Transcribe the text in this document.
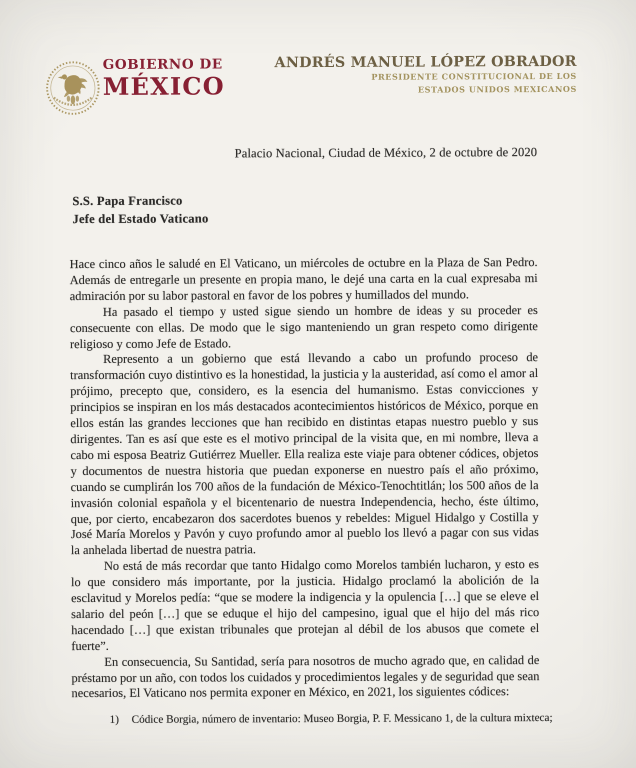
GOBIERNO DE
MÉXICO
ANDRÉS MANUEL LÓPEZ OBRADOR
PRESIDENTE CONSTITUCIONAL DE LOS
ESTADOS UNIDOS MEXICANOS
Palacio Nacional, Ciudad de México, 2 de octubre de 2020
S.S. Papa Francisco
Jefe del Estado Vaticano

Hace cinco años le saludé en El Vaticano, un miércoles de octubre en la Plaza de San Pedro. Además de entregarle un presente en propia mano, le dejé una carta en la cual expresaba mi admiración por su labor pastoral en favor de los pobres y humillados del mundo.

Ha pasado el tiempo y usted sigue siendo un hombre de ideas y su proceder es consecuente con ellas. De modo que le sigo manteniendo un gran respeto como dirigente religioso y como Jefe de Estado.

Represento a un gobierno que está llevando a cabo un profundo proceso de transformación cuyo distintivo es la honestidad, la justicia y la austeridad, así como el amor al prójimo, precepto que, considero, es la esencia del humanismo. Estas convicciones y principios se inspiran en los más destacados acontecimientos históricos de México, porque en ellos están las grandes lecciones que han recibido en distintas etapas nuestro pueblo y sus dirigentes. Tan es así que este es el motivo principal de la visita que, en mi nombre, lleva a cabo mi esposa Beatriz Gutiérrez Mueller. Ella realiza este viaje para obtener códices, objetos y documentos de nuestra historia que puedan exponerse en nuestro país el año próximo, cuando se cumplirán los 700 años de la fundación de México-Tenochtitlán; los 500 años de la invasión colonial española y el bicentenario de nuestra Independencia, hecho, éste último, que, por cierto, encabezaron dos sacerdotes buenos y rebeldes: Miguel Hidalgo y Costilla y José María Morelos y Pavón y cuyo profundo amor al pueblo los llevó a pagar con sus vidas la anhelada libertad de nuestra patria.

No está de más recordar que tanto Hidalgo como Morelos también lucharon, y esto es lo que considero más importante, por la justicia. Hidalgo proclamó la abolición de la esclavitud y Morelos pedía: “que se modere la indigencia y la opulencia […] que se eleve el salario del peón […] que se eduque el hijo del campesino, igual que el hijo del más rico hacendado […] que existan tribunales que protejan al débil de los abusos que comete el fuerte”.

En consecuencia, Su Santidad, sería para nosotros de mucho agrado que, en calidad de préstamo por un año, con todos los cuidados y procedimientos legales y de seguridad que sean necesarios, El Vaticano nos permita exponer en México, en 2021, los siguientes códices:

1)	Códice Borgia, número de inventario: Museo Borgia, P. F. Messicano 1, de la cultura mixteca;
